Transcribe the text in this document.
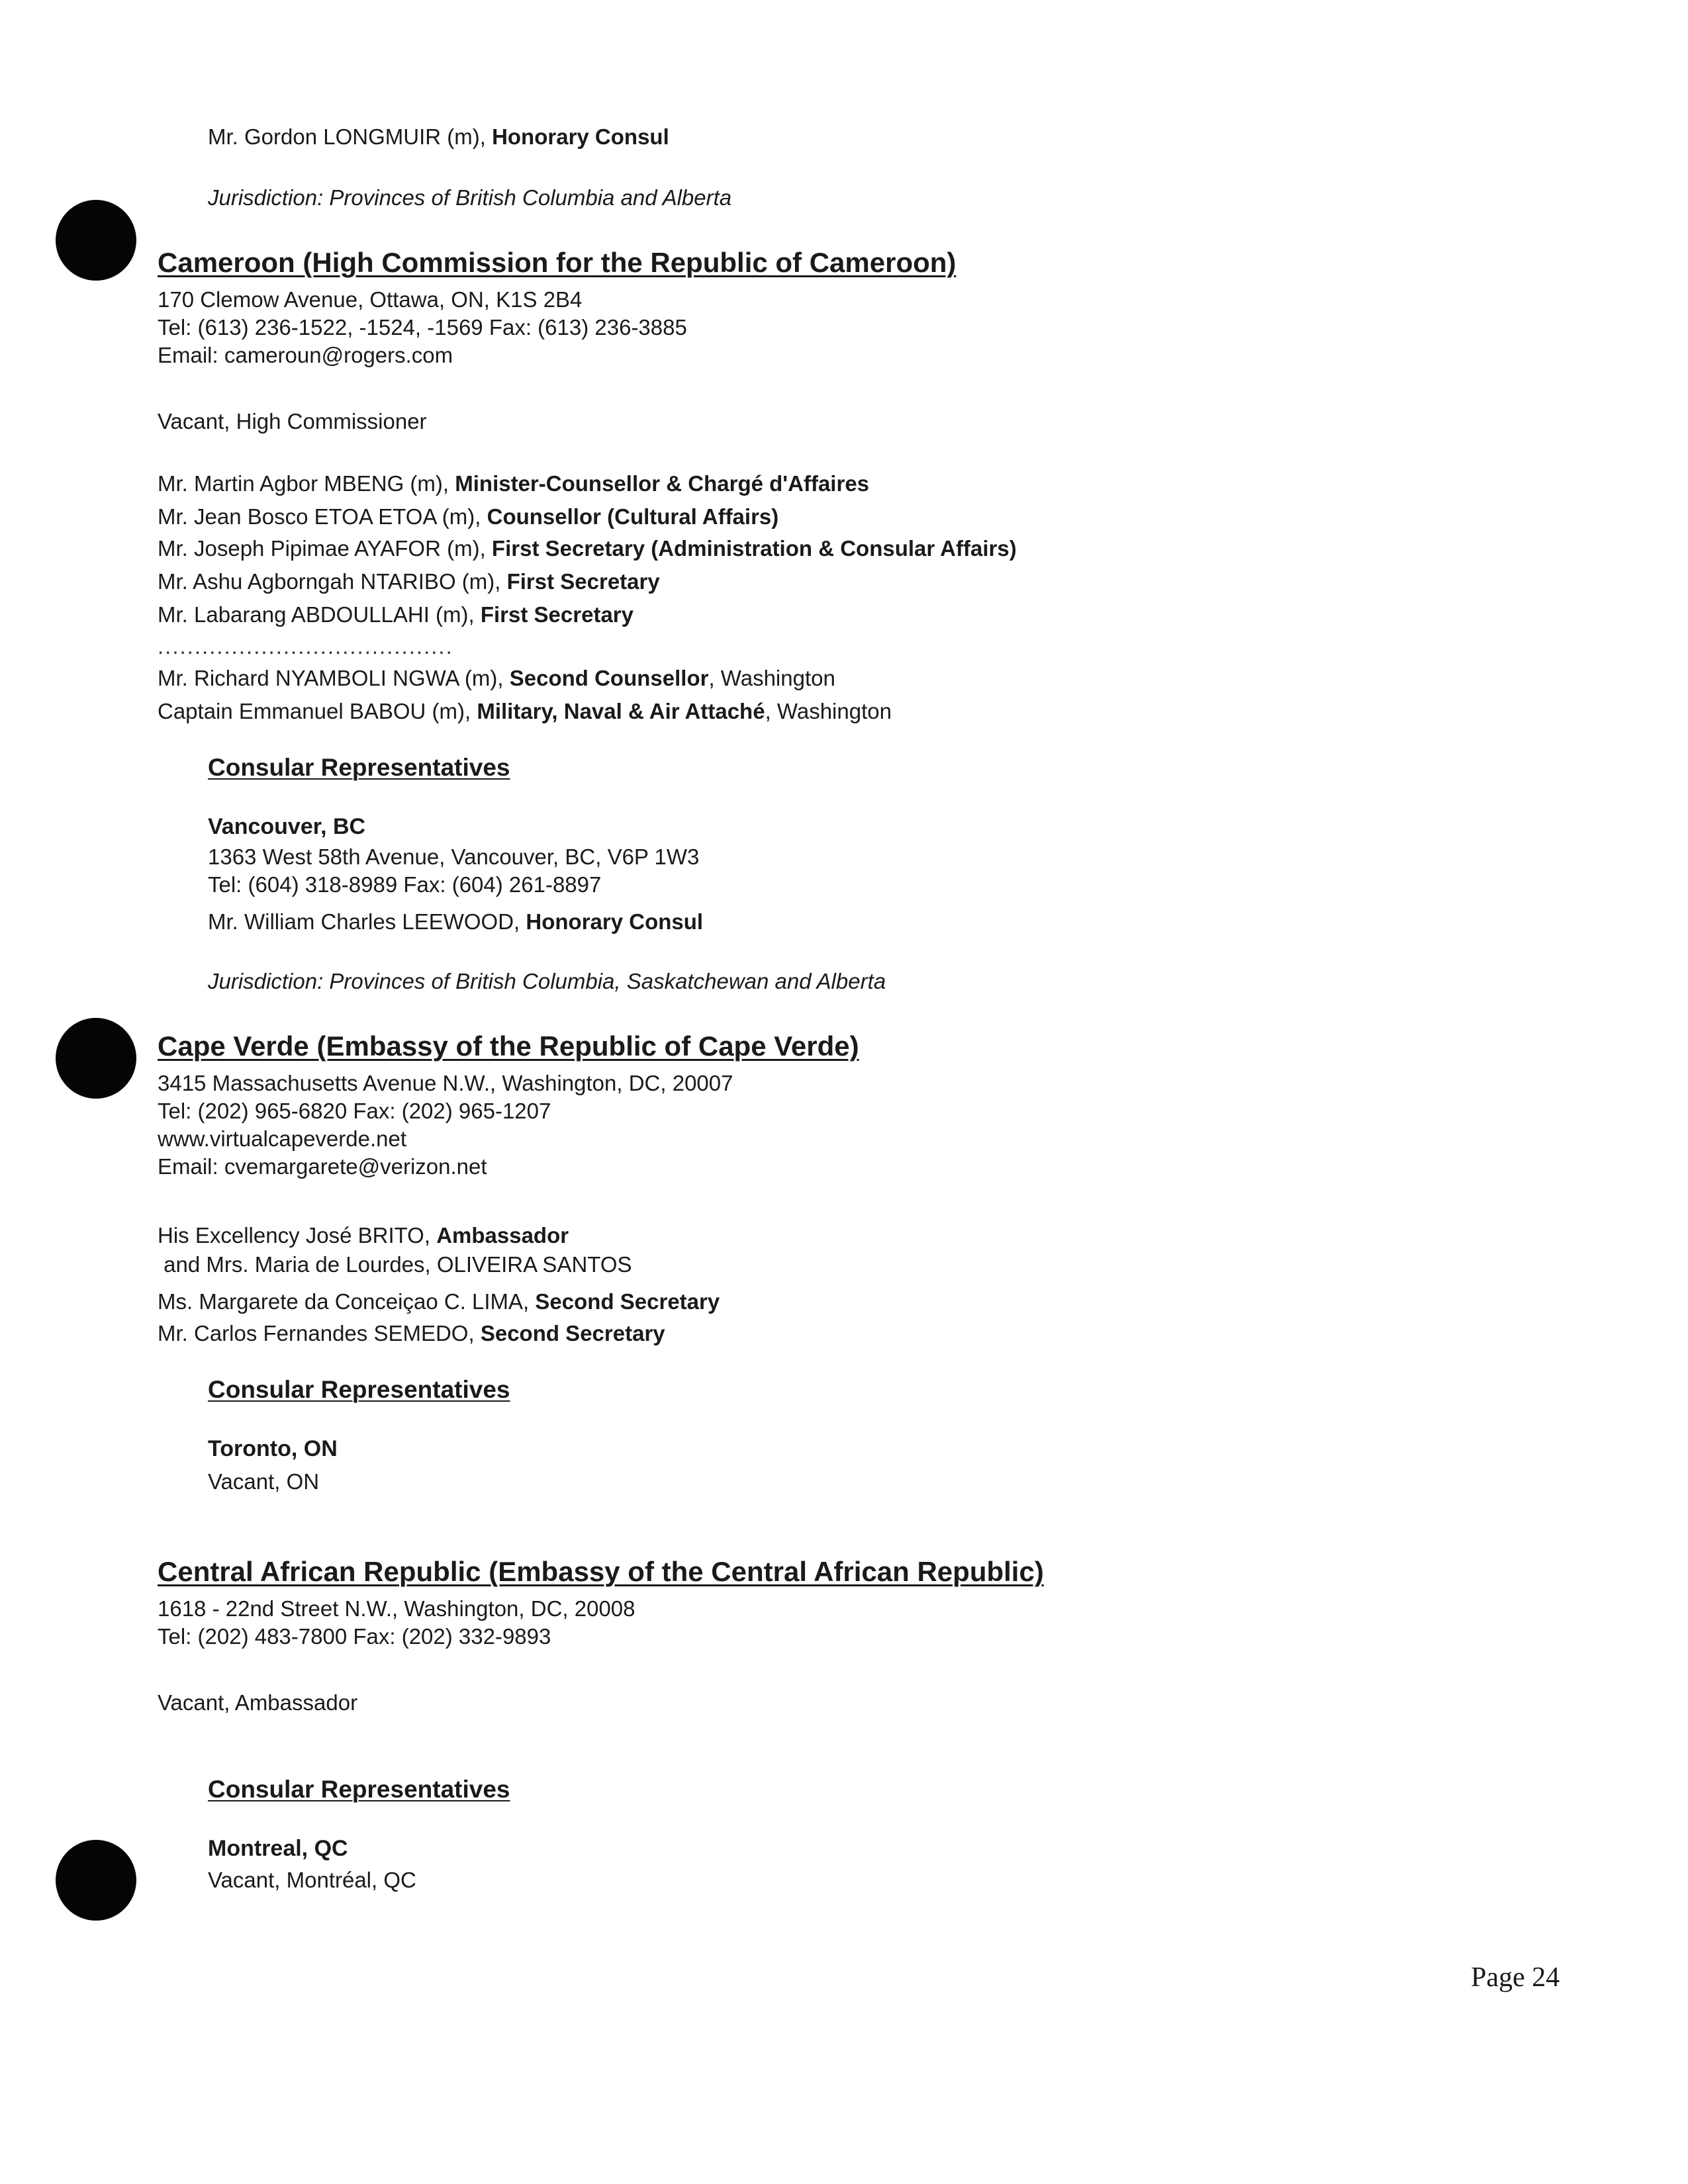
Mr. Gordon LONGMUIR (m), Honorary Consul
Jurisdiction: Provinces of British Columbia and Alberta
Cameroon (High Commission for the Republic of Cameroon)
170 Clemow Avenue, Ottawa, ON, K1S 2B4
Tel: (613) 236-1522, -1524, -1569 Fax: (613) 236-3885
Email: cameroun@rogers.com
Vacant, High Commissioner
Mr. Martin Agbor MBENG (m), Minister-Counsellor & Chargé d'Affaires
Mr. Jean Bosco ETOA ETOA (m), Counsellor (Cultural Affairs)
Mr. Joseph Pipimae AYAFOR (m), First Secretary (Administration & Consular Affairs)
Mr. Ashu Agborngah NTARIBO (m), First Secretary
Mr. Labarang ABDOULLAHI (m), First Secretary
........................................
Mr. Richard NYAMBOLI NGWA (m), Second Counsellor, Washington
Captain Emmanuel BABOU (m), Military, Naval & Air Attaché, Washington
Consular Representatives
Vancouver, BC
1363 West 58th Avenue, Vancouver, BC, V6P 1W3
Tel: (604) 318-8989 Fax: (604) 261-8897
Mr. William Charles LEEWOOD, Honorary Consul
Jurisdiction: Provinces of British Columbia, Saskatchewan and Alberta
Cape Verde (Embassy of the Republic of Cape Verde)
3415 Massachusetts Avenue N.W., Washington, DC, 20007
Tel: (202) 965-6820 Fax: (202) 965-1207
www.virtualcapeverde.net
Email: cvemargarete@verizon.net
His Excellency José BRITO, Ambassador
and Mrs. Maria de Lourdes, OLIVEIRA SANTOS
Ms. Margarete da Conceiçao C. LIMA, Second Secretary
Mr. Carlos Fernandes SEMEDO, Second Secretary
Consular Representatives
Toronto, ON
Vacant, ON
Central African Republic (Embassy of the Central African Republic)
1618 - 22nd Street N.W., Washington, DC, 20008
Tel: (202) 483-7800 Fax: (202) 332-9893
Vacant, Ambassador
Consular Representatives
Montreal, QC
Vacant, Montréal, QC
Page 24
